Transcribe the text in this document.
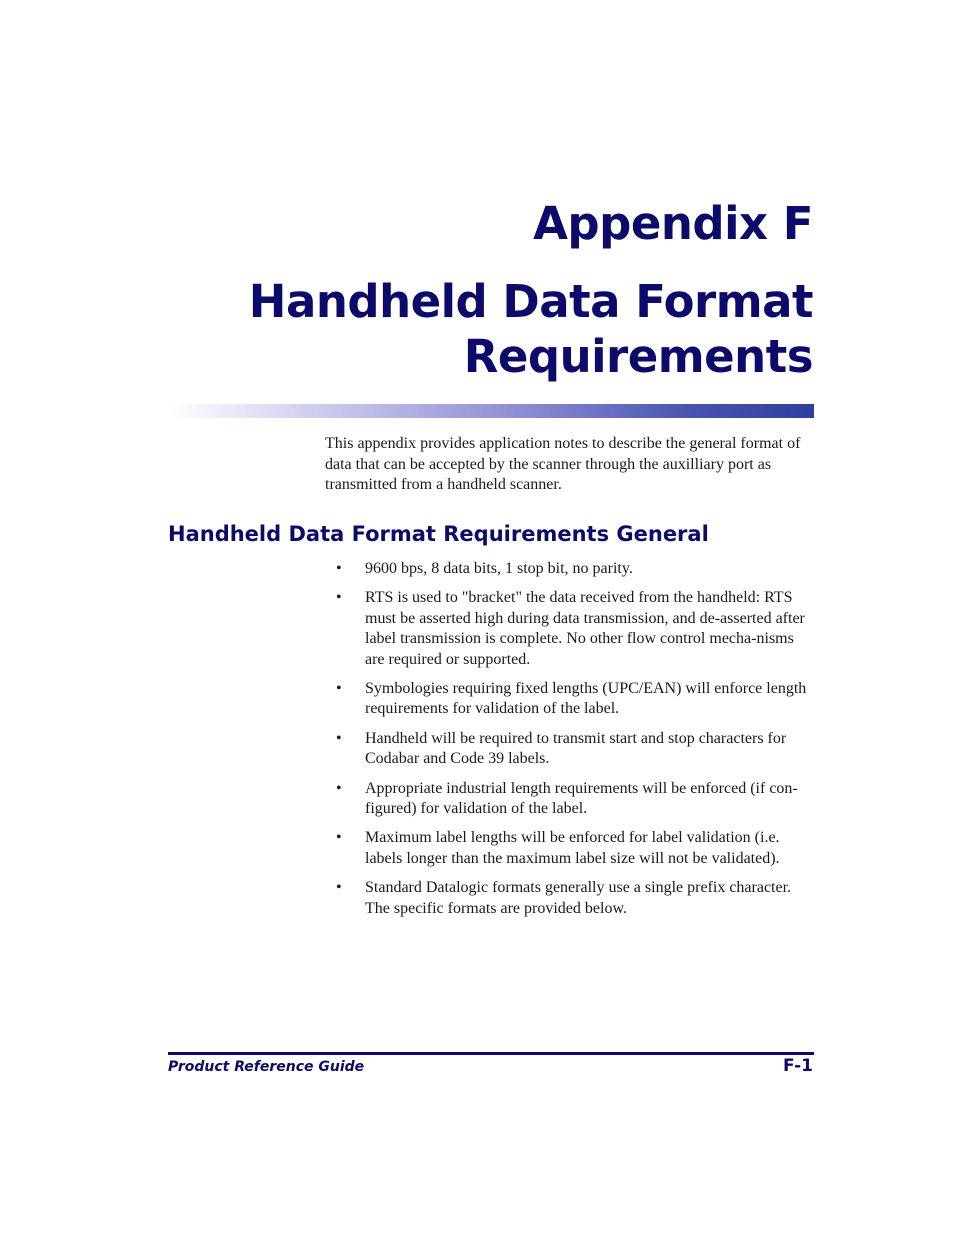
Appendix F
Handheld Data Format Requirements

This appendix provides application notes to describe the general format of data that can be accepted by the scanner through the auxilliary port as transmitted from a handheld scanner.

Handheld Data Format Requirements General
• 9600 bps, 8 data bits, 1 stop bit, no parity.
• RTS is used to "bracket" the data received from the handheld: RTS must be asserted high during data transmission, and de-asserted after label transmission is complete. No other flow control mecha-nisms are required or supported.
• Symbologies requiring fixed lengths (UPC/EAN) will enforce length requirements for validation of the label.
• Handheld will be required to transmit start and stop characters for Codabar and Code 39 labels.
• Appropriate industrial length requirements will be enforced (if con-figured) for validation of the label.
• Maximum label lengths will be enforced for label validation (i.e. labels longer than the maximum label size will not be validated).
• Standard Datalogic formats generally use a single prefix character. The specific formats are provided below.
Product Reference Guide	F-1
